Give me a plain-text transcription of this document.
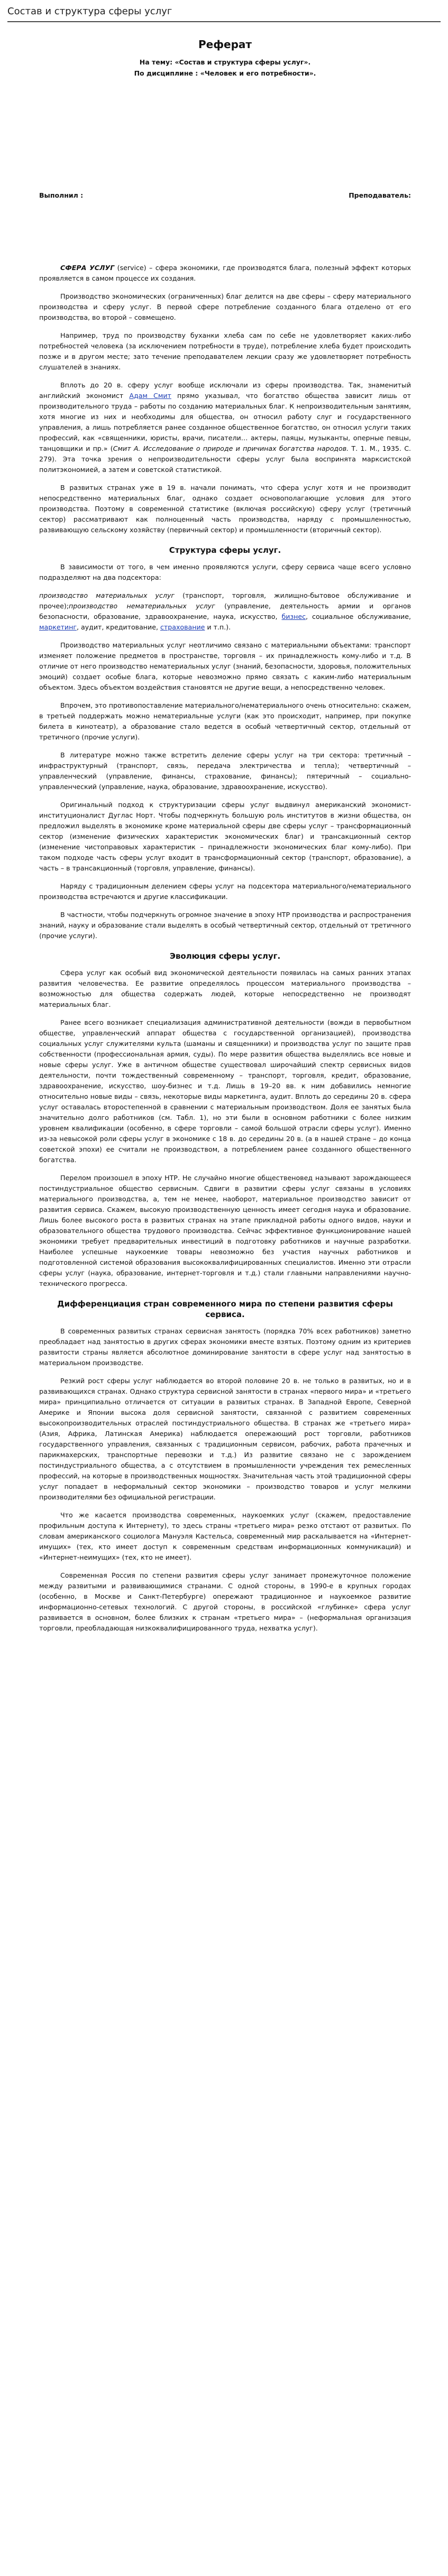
Состав и структура сферы услуг
Реферат
На тему: «Состав и структура сферы услуг».
По дисциплине : «Человек и его потребности».
Выполнил :	Преподаватель:

СФЕРА УСЛУГ (service) – сфера экономики, где производятся блага, полезный эффект которых проявляется в самом процессе их создания.

Производство экономических (ограниченных) благ делится на две сферы – сферу материального производства и сферу услуг. В первой сфере потребление созданного блага отделено от его производства, во второй – совмещено.

Например, труд по производству буханки хлеба сам по себе не удовлетворяет каких-либо потребностей человека (за исключением потребности в труде), потребление хлеба будет происходить позже и в другом месте; зато течение преподавателем лекции сразу же удовлетворяет потребность слушателей в знаниях.

Вплоть до 20 в. сферу услуг вообще исключали из сферы производства. Так, знаменитый английский экономист Адам Смит прямо указывал, что богатство общества зависит лишь от производительного труда – работы по созданию материальных благ. К непроизводительным занятиям, хотя многие из них и необходимы для общества, он относил работу слуг и государственного управления, а лишь потребляется ранее созданное общественное богатство, он относил услуги таких профессий, как «священники, юристы, врачи, писатели… актеры, паяцы, музыканты, оперные певцы, танцовщики и пр.» (Смит А. Исследование о природе и причинах богатства народов. Т. 1. М., 1935. С. 279). Эта точка зрения о непроизводительности сферы услуг была воспринята марксистской политэкономией, а затем и советской статистикой.

В развитых странах уже в 19 в. начали понимать, что сфера услуг хотя и не производит непосредственно материальных благ, однако создает основополагающие условия для этого производства. Поэтому в современной статистике (включая российскую) сферу услуг (третичный сектор) рассматривают как полноценный часть производства, наряду с промышленностью, развивающую сельскому хозяйству (первичный сектор) и промышленности (вторичный сектор).

Структура сферы услуг.

В зависимости от того, в чем именно проявляются услуги, сферу сервиса чаще всего условно подразделяют на два подсектора:

производство материальных услуг (транспорт, торговля, жилищно-бытовое обслуживание и прочее);производство нематериальных услуг (управление, деятельность армии и органов безопасности, образование, здравоохранение, наука, искусство, бизнес, социальное обслуживание, маркетинг, аудит, кредитование, страхование и т.п.).

Производство материальных услуг неотличимо связано с материальными объектами: транспорт изменяет положение предметов в пространстве, торговля – их принадлежность кому-либо и т.д. В отличие от него производство нематериальных услуг (знаний, безопасности, здоровья, положительных эмоций) создает особые блага, которые невозможно прямо связать с каким-либо материальным объектом. Здесь объектом воздействия становятся не другие вещи, а непосредственно человек.

Впрочем, это противопоставление материального/нематериального очень относительно: скажем, в третьей поддержать можно нематериальные услуги (как это происходит, например, при покупке билета в кинотеатр), а образование стало ведется в особый четвертичный сектор, отдельный от третичного (прочие услуги).

В литературе можно также встретить деление сферы услуг на три сектора: третичный – инфраструктурный (транспорт, связь, передача электричества и тепла); четвертичный – управленческий (управление, финансы, страхование, финансы); пятеричный – социально-управленческий (управление, наука, образование, здравоохранение, искусство).

Оригинальный подход к структуризации сферы услуг выдвинул американский экономист-институционалист Дуглас Норт. Чтобы подчеркнуть большую роль институтов в жизни общества, он предложил выделять в экономике кроме материальной сферы две сферы услуг – трансформационный сектор (изменение физических характеристик экономических благ) и трансакционный сектор (изменение чистоправовых характеристик – принадлежности экономических благ кому-либо). При таком подходе часть сферы услуг входит в трансформационный сектор (транспорт, образование), а часть – в трансакционный (торговля, управление, финансы).

Наряду с традиционным делением сферы услуг на подсектора материального/нематериального производства встречаются и другие классификации.

В частности, чтобы подчеркнуть огромное значение в эпоху НТР производства и распространения знаний, науку и образование стали выделять в особый четвертичный сектор, отдельный от третичного (прочие услуги).

Эволюция сферы услуг.

Сфера услуг как особый вид экономической деятельности появилась на самых ранних этапах развития человечества. Ее развитие определялось процессом материального производства – возможностью для общества содержать людей, которые непосредственно не производят материальных благ.

Ранее всего возникает специализация административной деятельности (вожди в первобытном обществе, управленческий аппарат общества с государственной организацией), производства социальных услуг служителями культа (шаманы и священники) и производства услуг по защите прав собственности (профессиональная армия, суды). По мере развития общества выделялись все новые и новые сферы услуг. Уже в античном обществе существовал широчайший спектр сервисных видов деятельности, почти тождественный современному – транспорт, торговля, кредит, образование, здравоохранение, искусство, шоу-бизнес и т.д. Лишь в 19–20 вв. к ним добавились немногие относительно новые виды – связь, некоторые виды маркетинга, аудит. Вплоть до середины 20 в. сфера услуг оставалась второстепенной в сравнении с материальным производством. Доля ее занятых была значительно долго работников (см. Табл. 1), но эти были в основном работники с более низким уровнем квалификации (особенно, в сфере торговли – самой большой отрасли сферы услуг). Именно из-за невысокой роли сферы услуг в экономике с 18 в. до середины 20 в. (а в нашей стране – до конца советской эпохи) ее считали не производством, а потреблением ранее созданного общественного богатства.

Перелом произошел в эпоху НТР. Не случайно многие общественовед называют зарождающееся постиндустриальное общество сервисным. Сдвиги в развитии сферы услуг связаны в условиях материального производства, а, тем не менее, наоборот, материальное производство зависит от развития сервиса. Скажем, высокую производственную ценность имеет сегодня наука и образование. Лишь более высокого роста в развитых странах на этапе прикладной работы одного видов, науки и образовательного общества трудового производства. Сейчас эффективное функционирование нашей экономики требует предварительных инвестиций в подготовку работников и научные разработки. Наиболее успешные наукоемкие товары невозможно без участия научных работников и подготовленной системой образования высококвалифицированных специалистов. Именно эти отрасли сферы услуг (наука, образование, интернет-торговля и т.д.) стали главными направлениями научно-технического прогресса.

Дифференциация стран современного мира по степени развития сферы сервиса.

В современных развитых странах сервисная занятость (порядка 70% всех работников) заметно преобладает над занятостью в других сферах экономики вместе взятых. Поэтому одним из критериев развитости страны является абсолютное доминирование занятости в сфере услуг над занятостью в материальном производстве.

Резкий рост сферы услуг наблюдается во второй половине 20 в. не только в развитых, но и в развивающихся странах. Однако структура сервисной занятости в странах «первого мира» и «третьего мира» принципиально отличается от ситуации в развитых странах. В Западной Европе, Северной Америке и Японии высока доля сервисной занятости, связанной с развитием современных высокопроизводительных отраслей постиндустриального общества. В странах же «третьего мира» (Азия, Африка, Латинская Америка) наблюдается опережающий рост торговли, работников государственного управления, связанных с традиционным сервисом, рабочих, работа прачечных и парикмахерских, транспортные перевозки и т.д.) Из развитие связано не с зарождением постиндустриального общества, а с отсутствием в промышленности учреждения тех ремесленных профессий, на которые в производственных мощностях. Значительная часть этой традиционной сферы услуг попадает в неформальный сектор экономики – производство товаров и услуг мелкими производителями без официальной регистрации.

Что же касается производства современных, наукоемких услуг (скажем, предоставление профильным доступа к Интернету), то здесь страны «третьего мира» резко отстают от развитых. По словам американского социолога Мануэля Кастельса, современный мир раскалывается на «Интернет-имущих» (тех, кто имеет доступ к современным средствам информационных коммуникаций) и «Интернет-неимущих» (тех, кто не имеет).

Современная Россия по степени развития сферы услуг занимает промежуточное положение между развитыми и развивающимися странами. С одной стороны, в 1990-е в крупных городах (особенно, в Москве и Санкт-Петербурге) опережают традиционное и наукоемкое развитие информационно-сетевых технологий. С другой стороны, в российской «глубинке» сфера услуг развивается в основном, более близких к странам «третьего мира» – (неформальная организация торговли, преобладающая низкоквалифицированного труда, нехватка услуг).
